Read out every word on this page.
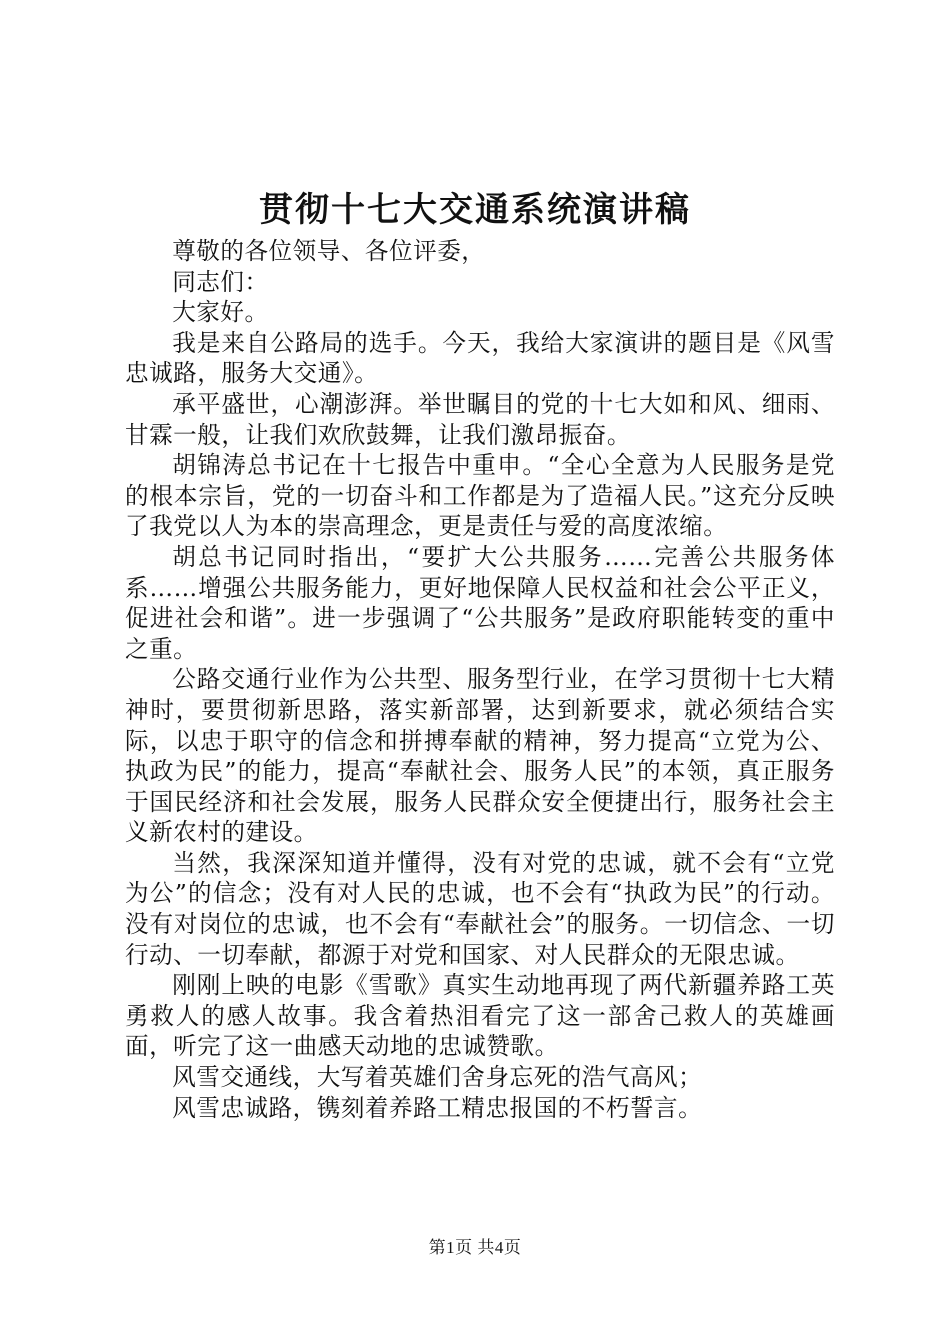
贯彻十七大交通系统演讲稿

尊敬的各位领导、各位评委，

同志们：

大家好。

我是来自公路局的选手。今天，我给大家演讲的题目是《风雪忠诚路，服务大交通》。

承平盛世，心潮澎湃。举世瞩目的党的十七大如和风、细雨、甘霖一般，让我们欢欣鼓舞，让我们激昂振奋。

胡锦涛总书记在十七报告中重申。“全心全意为人民服务是党的根本宗旨，党的一切奋斗和工作都是为了造福人民。”这充分反映了我党以人为本的崇高理念，更是责任与爱的高度浓缩。

胡总书记同时指出，“要扩大公共服务……完善公共服务体系……增强公共服务能力，更好地保障人民权益和社会公平正义，促进社会和谐”。进一步强调了“公共服务”是政府职能转变的重中之重。

公路交通行业作为公共型、服务型行业，在学习贯彻十七大精神时，要贯彻新思路，落实新部署，达到新要求，就必须结合实际，以忠于职守的信念和拼搏奉献的精神，努力提高“立党为公、执政为民”的能力，提高“奉献社会、服务人民”的本领，真正服务于国民经济和社会发展，服务人民群众安全便捷出行，服务社会主义新农村的建设。

当然，我深深知道并懂得，没有对党的忠诚，就不会有“立党为公”的信念；没有对人民的忠诚，也不会有“执政为民”的行动。没有对岗位的忠诚，也不会有“奉献社会”的服务。一切信念、一切行动、一切奉献，都源于对党和国家、对人民群众的无限忠诚。

刚刚上映的电影《雪歌》真实生动地再现了两代新疆养路工英勇救人的感人故事。我含着热泪看完了这一部舍己救人的英雄画面，听完了这一曲感天动地的忠诚赞歌。

风雪交通线，大写着英雄们舍身忘死的浩气高风；

风雪忠诚路，镌刻着养路工精忠报国的不朽誓言。

第1页 共4页
